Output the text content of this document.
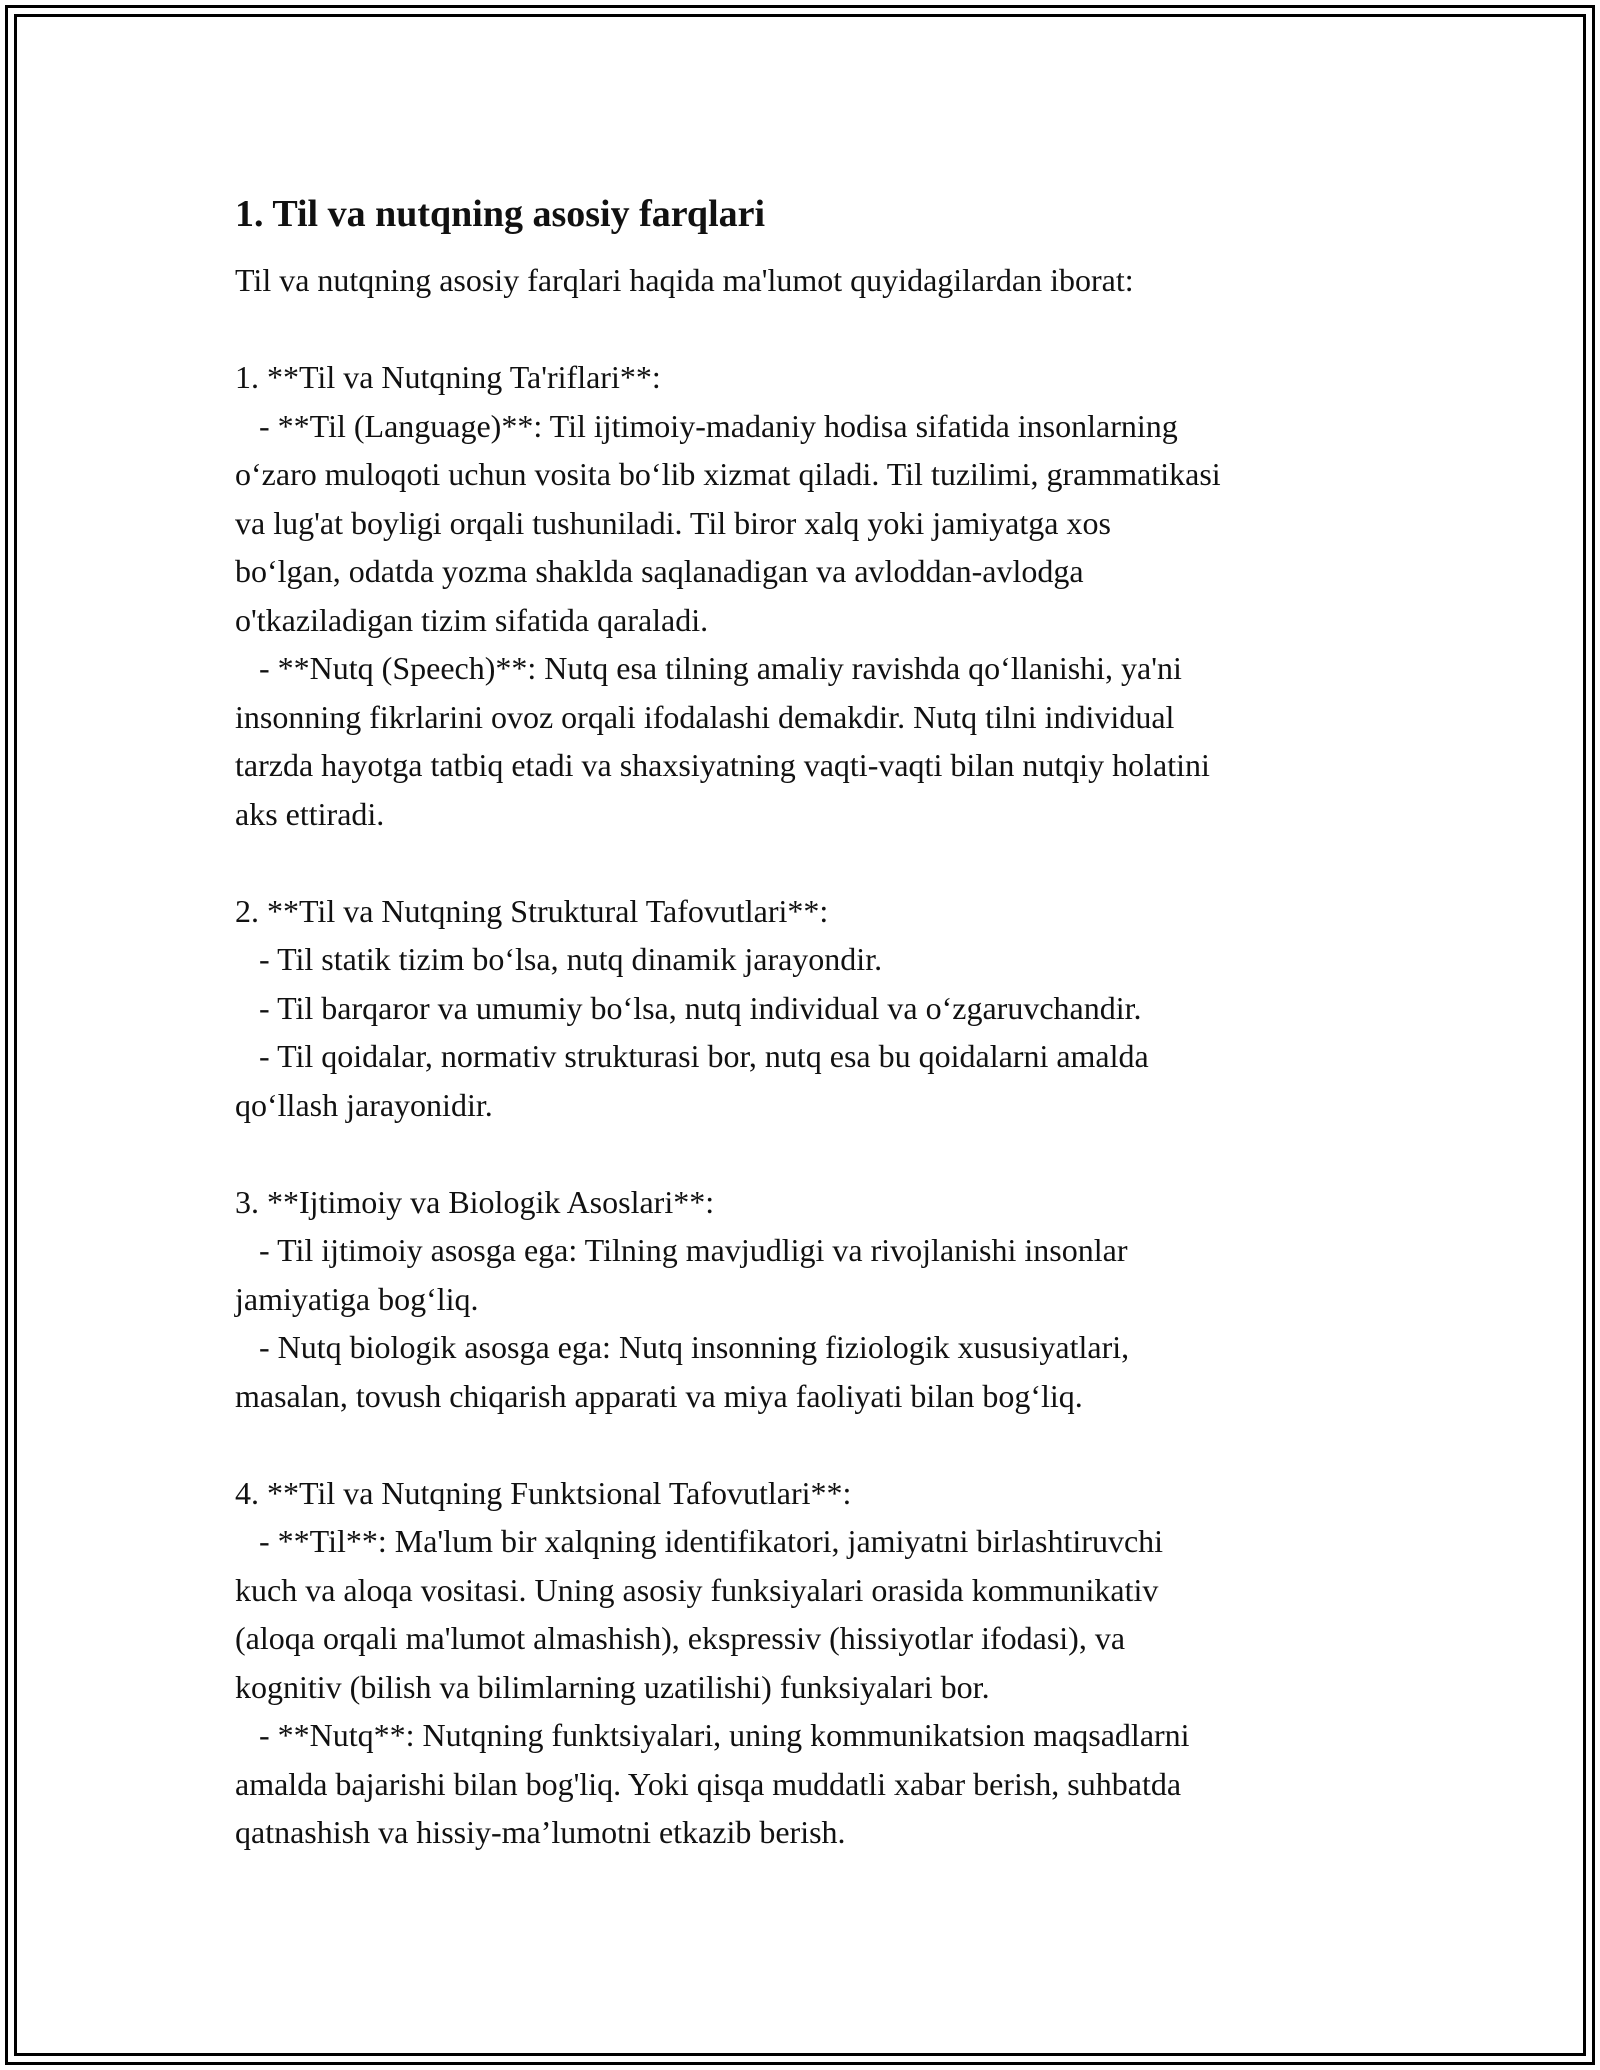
1. Til va nutqning asosiy farqlari

Til va nutqning asosiy farqlari haqida ma'lumot quyidagilardan iborat:

1. **Til va Nutqning Ta'riflari**:
- **Til (Language)**: Til ijtimoiy-madaniy hodisa sifatida insonlarning
o‘zaro muloqoti uchun vosita bo‘lib xizmat qiladi. Til tuzilimi, grammatikasi
va lug'at boyligi orqali tushuniladi. Til biror xalq yoki jamiyatga xos
bo‘lgan, odatda yozma shaklda saqlanadigan va avloddan-avlodga
o'tkaziladigan tizim sifatida qaraladi.
- **Nutq (Speech)**: Nutq esa tilning amaliy ravishda qo‘llanishi, ya'ni
insonning fikrlarini ovoz orqali ifodalashi demakdir. Nutq tilni individual
tarzda hayotga tatbiq etadi va shaxsiyatning vaqti-vaqti bilan nutqiy holatini
aks ettiradi.

2. **Til va Nutqning Struktural Tafovutlari**:
- Til statik tizim bo‘lsa, nutq dinamik jarayondir.
- Til barqaror va umumiy bo‘lsa, nutq individual va o‘zgaruvchandir.
- Til qoidalar, normativ strukturasi bor, nutq esa bu qoidalarni amalda
qo‘llash jarayonidir.

3. **Ijtimoiy va Biologik Asoslari**:
- Til ijtimoiy asosga ega: Tilning mavjudligi va rivojlanishi insonlar
jamiyatiga bog‘liq.
- Nutq biologik asosga ega: Nutq insonning fiziologik xususiyatlari,
masalan, tovush chiqarish apparati va miya faoliyati bilan bog‘liq.

4. **Til va Nutqning Funktsional Tafovutlari**:
- **Til**: Ma'lum bir xalqning identifikatori, jamiyatni birlashtiruvchi
kuch va aloqa vositasi. Uning asosiy funksiyalari orasida kommunikativ
(aloqa orqali ma'lumot almashish), ekspressiv (hissiyotlar ifodasi), va
kognitiv (bilish va bilimlarning uzatilishi) funksiyalari bor.
- **Nutq**: Nutqning funktsiyalari, uning kommunikatsion maqsadlarni
amalda bajarishi bilan bog'liq. Yoki qisqa muddatli xabar berish, suhbatda
qatnashish va hissiy-ma’lumotni etkazib berish.
